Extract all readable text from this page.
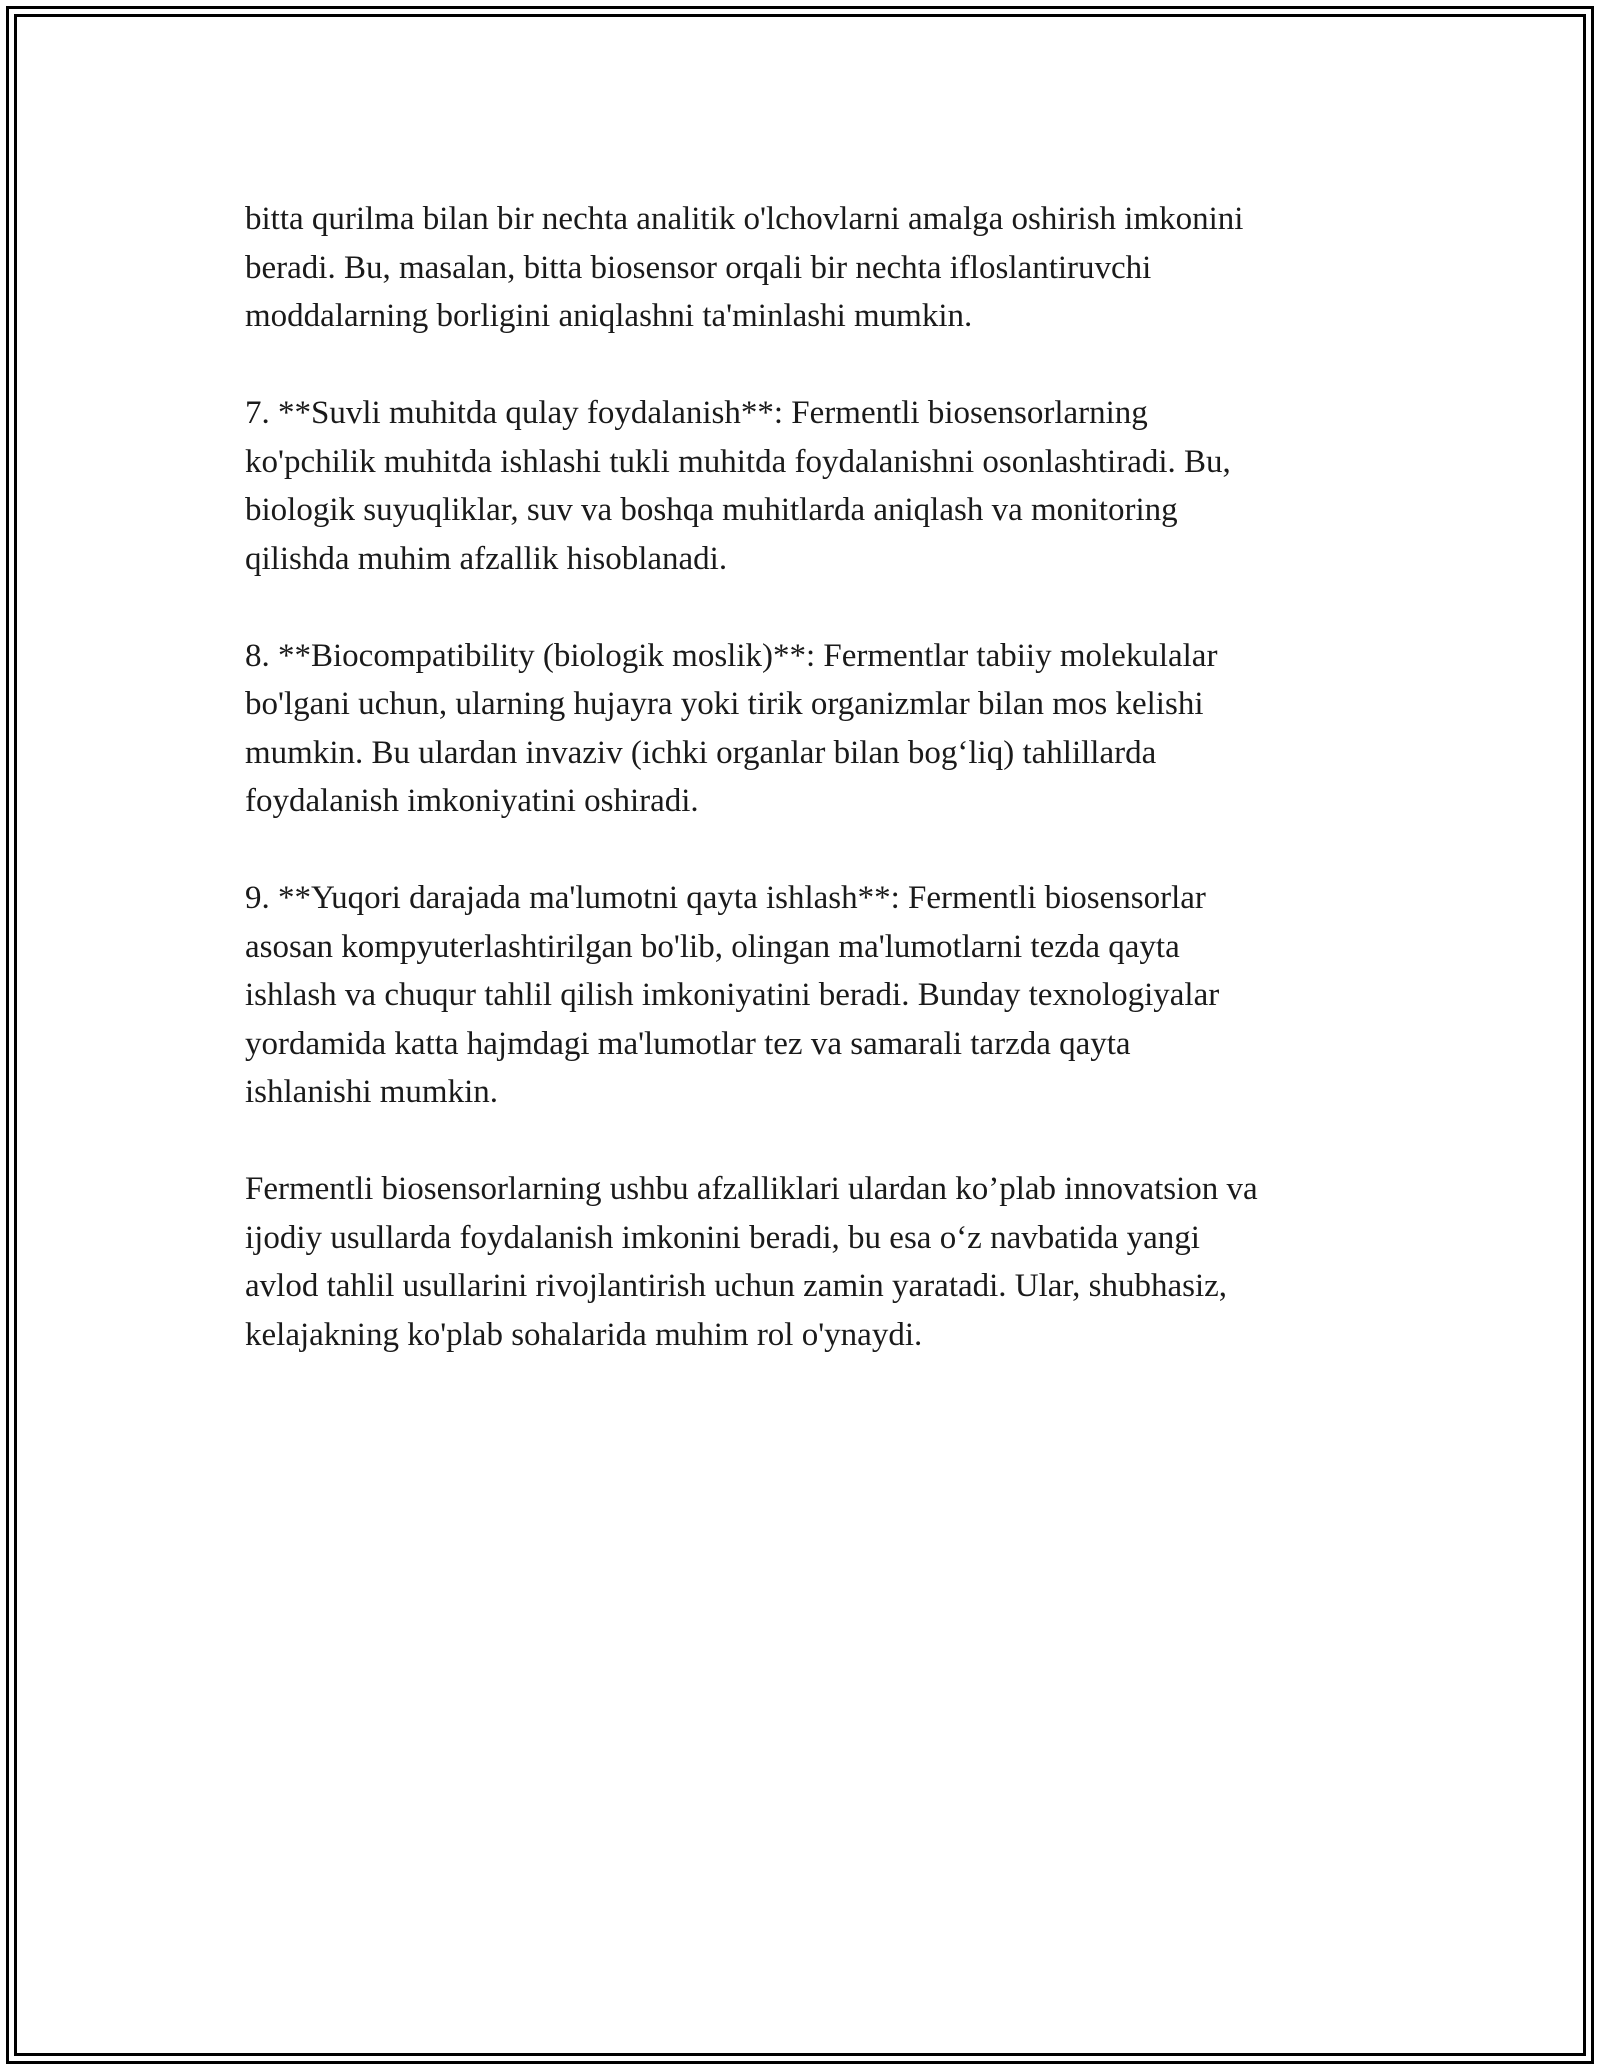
bitta qurilma bilan bir nechta analitik o'lchovlarni amalga oshirish imkonini
beradi. Bu, masalan, bitta biosensor orqali bir nechta ifloslantiruvchi
moddalarning borligini aniqlashni ta'minlashi mumkin.

7. **Suvli muhitda qulay foydalanish**: Fermentli biosensorlarning
ko'pchilik muhitda ishlashi tukli muhitda foydalanishni osonlashtiradi. Bu,
biologik suyuqliklar, suv va boshqa muhitlarda aniqlash va monitoring
qilishda muhim afzallik hisoblanadi.

8. **Biocompatibility (biologik moslik)**: Fermentlar tabiiy molekulalar
bo'lgani uchun, ularning hujayra yoki tirik organizmlar bilan mos kelishi
mumkin. Bu ulardan invaziv (ichki organlar bilan bog‘liq) tahlillarda
foydalanish imkoniyatini oshiradi.

9. **Yuqori darajada ma'lumotni qayta ishlash**: Fermentli biosensorlar
asosan kompyuterlashtirilgan bo'lib, olingan ma'lumotlarni tezda qayta
ishlash va chuqur tahlil qilish imkoniyatini beradi. Bunday texnologiyalar
yordamida katta hajmdagi ma'lumotlar tez va samarali tarzda qayta
ishlanishi mumkin.

Fermentli biosensorlarning ushbu afzalliklari ulardan ko’plab innovatsion va
ijodiy usullarda foydalanish imkonini beradi, bu esa o‘z navbatida yangi
avlod tahlil usullarini rivojlantirish uchun zamin yaratadi. Ular, shubhasiz,
kelajakning ko'plab sohalarida muhim rol o'ynaydi.
